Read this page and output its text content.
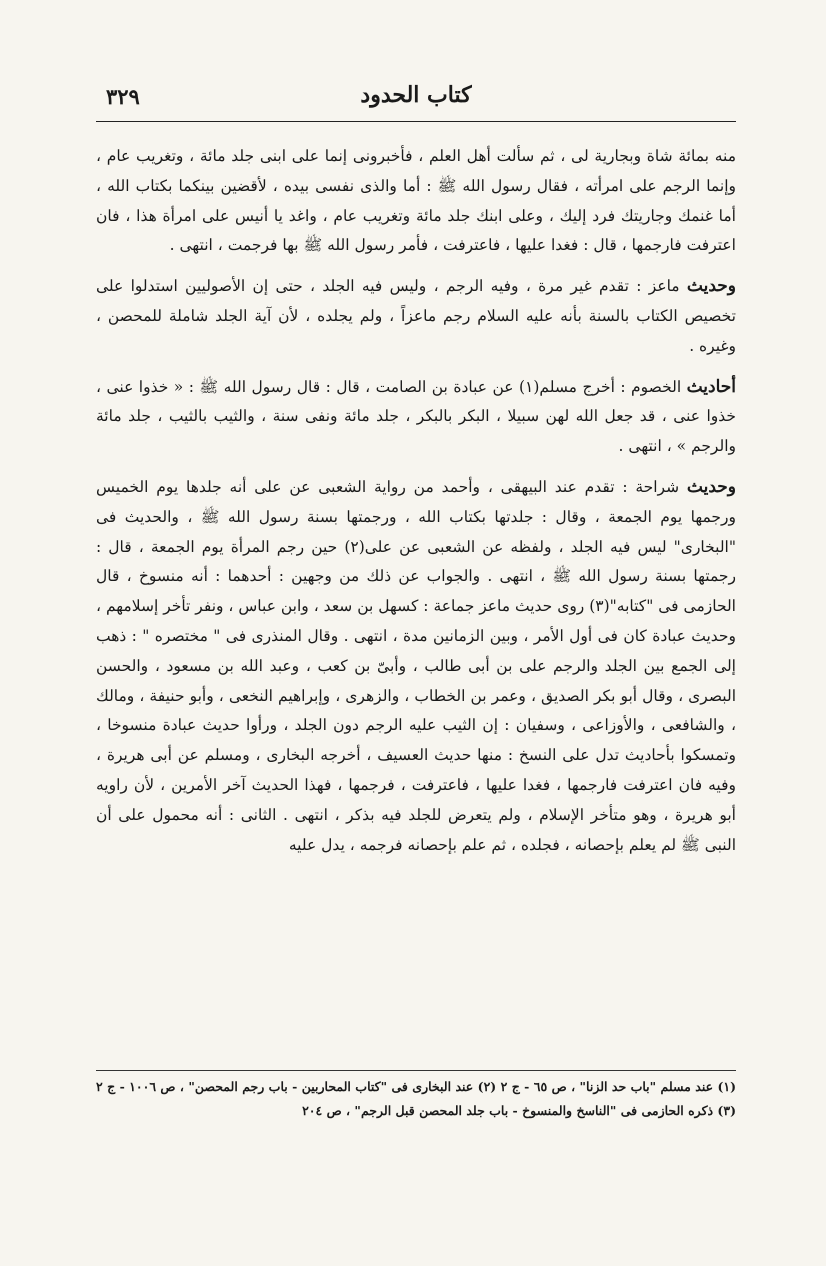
كتاب الحدود
٣٢٩

منه بمائة شاة وبجارية لى ، ثم سألت أهل العلم ، فأخبرونى إنما على ابنى جلد مائة ، وتغريب عام ، وإنما الرجم على امرأته ، فقال رسول الله ﷺ : أما والذى نفسى بيده ، لأقضين بينكما بكتاب الله ، أما غنمك وجاريتك فرد إليك ، وعلى ابنك جلد مائة وتغريب عام ، واغد يا أنيس على امرأة هذا ، فان اعترفت فارجمها ، قال : فغدا عليها ، فاعترفت ، فأمر رسول الله ﷺ بها فرجمت ، انتهى .

وحديث ماعز : تقدم غير مرة ، وفيه الرجم ، وليس فيه الجلد ، حتى إن الأصوليين استدلوا على تخصيص الكتاب بالسنة بأنه عليه السلام رجم ماعزاً ، ولم يجلده ، لأن آية الجلد شاملة للمحصن ، وغيره .

أحاديث الخصوم : أخرج مسلم(١) عن عبادة بن الصامت ، قال : قال رسول الله ﷺ : « خذوا عنى ، خذوا عنى ، قد جعل الله لهن سبيلا ، البكر بالبكر ، جلد مائة ونفى سنة ، والثيب بالثيب ، جلد مائة والرجم » ، انتهى .

وحديث شراحة : تقدم عند البيهقى ، وأحمد من رواية الشعبى عن على أنه جلدها يوم الخميس ورجمها يوم الجمعة ، وقال : جلدتها بكتاب الله ، ورجمتها بسنة رسول الله ﷺ ، والحديث فى "البخارى" ليس فيه الجلد ، ولفظه عن الشعبى عن على(٢) حين رجم المرأة يوم الجمعة ، قال : رجمتها بسنة رسول الله ﷺ ، انتهى . والجواب عن ذلك من وجهين : أحدهما : أنه منسوخ ، قال الحازمى فى "كتابه"(٣) روى حديث ماعز جماعة : كسهل بن سعد ، وابن عباس ، ونفر تأخر إسلامهم ، وحديث عبادة كان فى أول الأمر ، وبين الزمانين مدة ، انتهى . وقال المنذرى فى " مختصره " : ذهب إلى الجمع بين الجلد والرجم على بن أبى طالب ، وأبىّ بن كعب ، وعبد الله بن مسعود ، والحسن البصرى ، وقال أبو بكر الصديق ، وعمر بن الخطاب ، والزهرى ، وإبراهيم النخعى ، وأبو حنيفة ، ومالك ، والشافعى ، والأوزاعى ، وسفيان : إن الثيب عليه الرجم دون الجلد ، ورأوا حديث عبادة منسوخا ، وتمسكوا بأحاديث تدل على النسخ : منها حديث العسيف ، أخرجه البخارى ، ومسلم عن أبى هريرة ، وفيه فان اعترفت فارجمها ، فغدا عليها ، فاعترفت ، فرجمها ، فهذا الحديث آخر الأمرين ، لأن راويه أبو هريرة ، وهو متأخر الإسلام ، ولم يتعرض للجلد فيه بذكر ، انتهى . الثانى : أنه محمول على أن النبى ﷺ لم يعلم بإحصانه ، فجلده ، ثم علم بإحصانه فرجمه ، يدل عليه

(١) عند مسلم "باب حد الزنا" ، ص ٦٥ - ج ٢ (٢) عند البخارى فى "كتاب المحاربين - باب رجم المحصن" ، ص ١٠٠٦ - ج ٢ (٣) ذكره الحازمى فى "الناسخ والمنسوخ - باب جلد المحصن قبل الرجم" ، ص ٢٠٤
